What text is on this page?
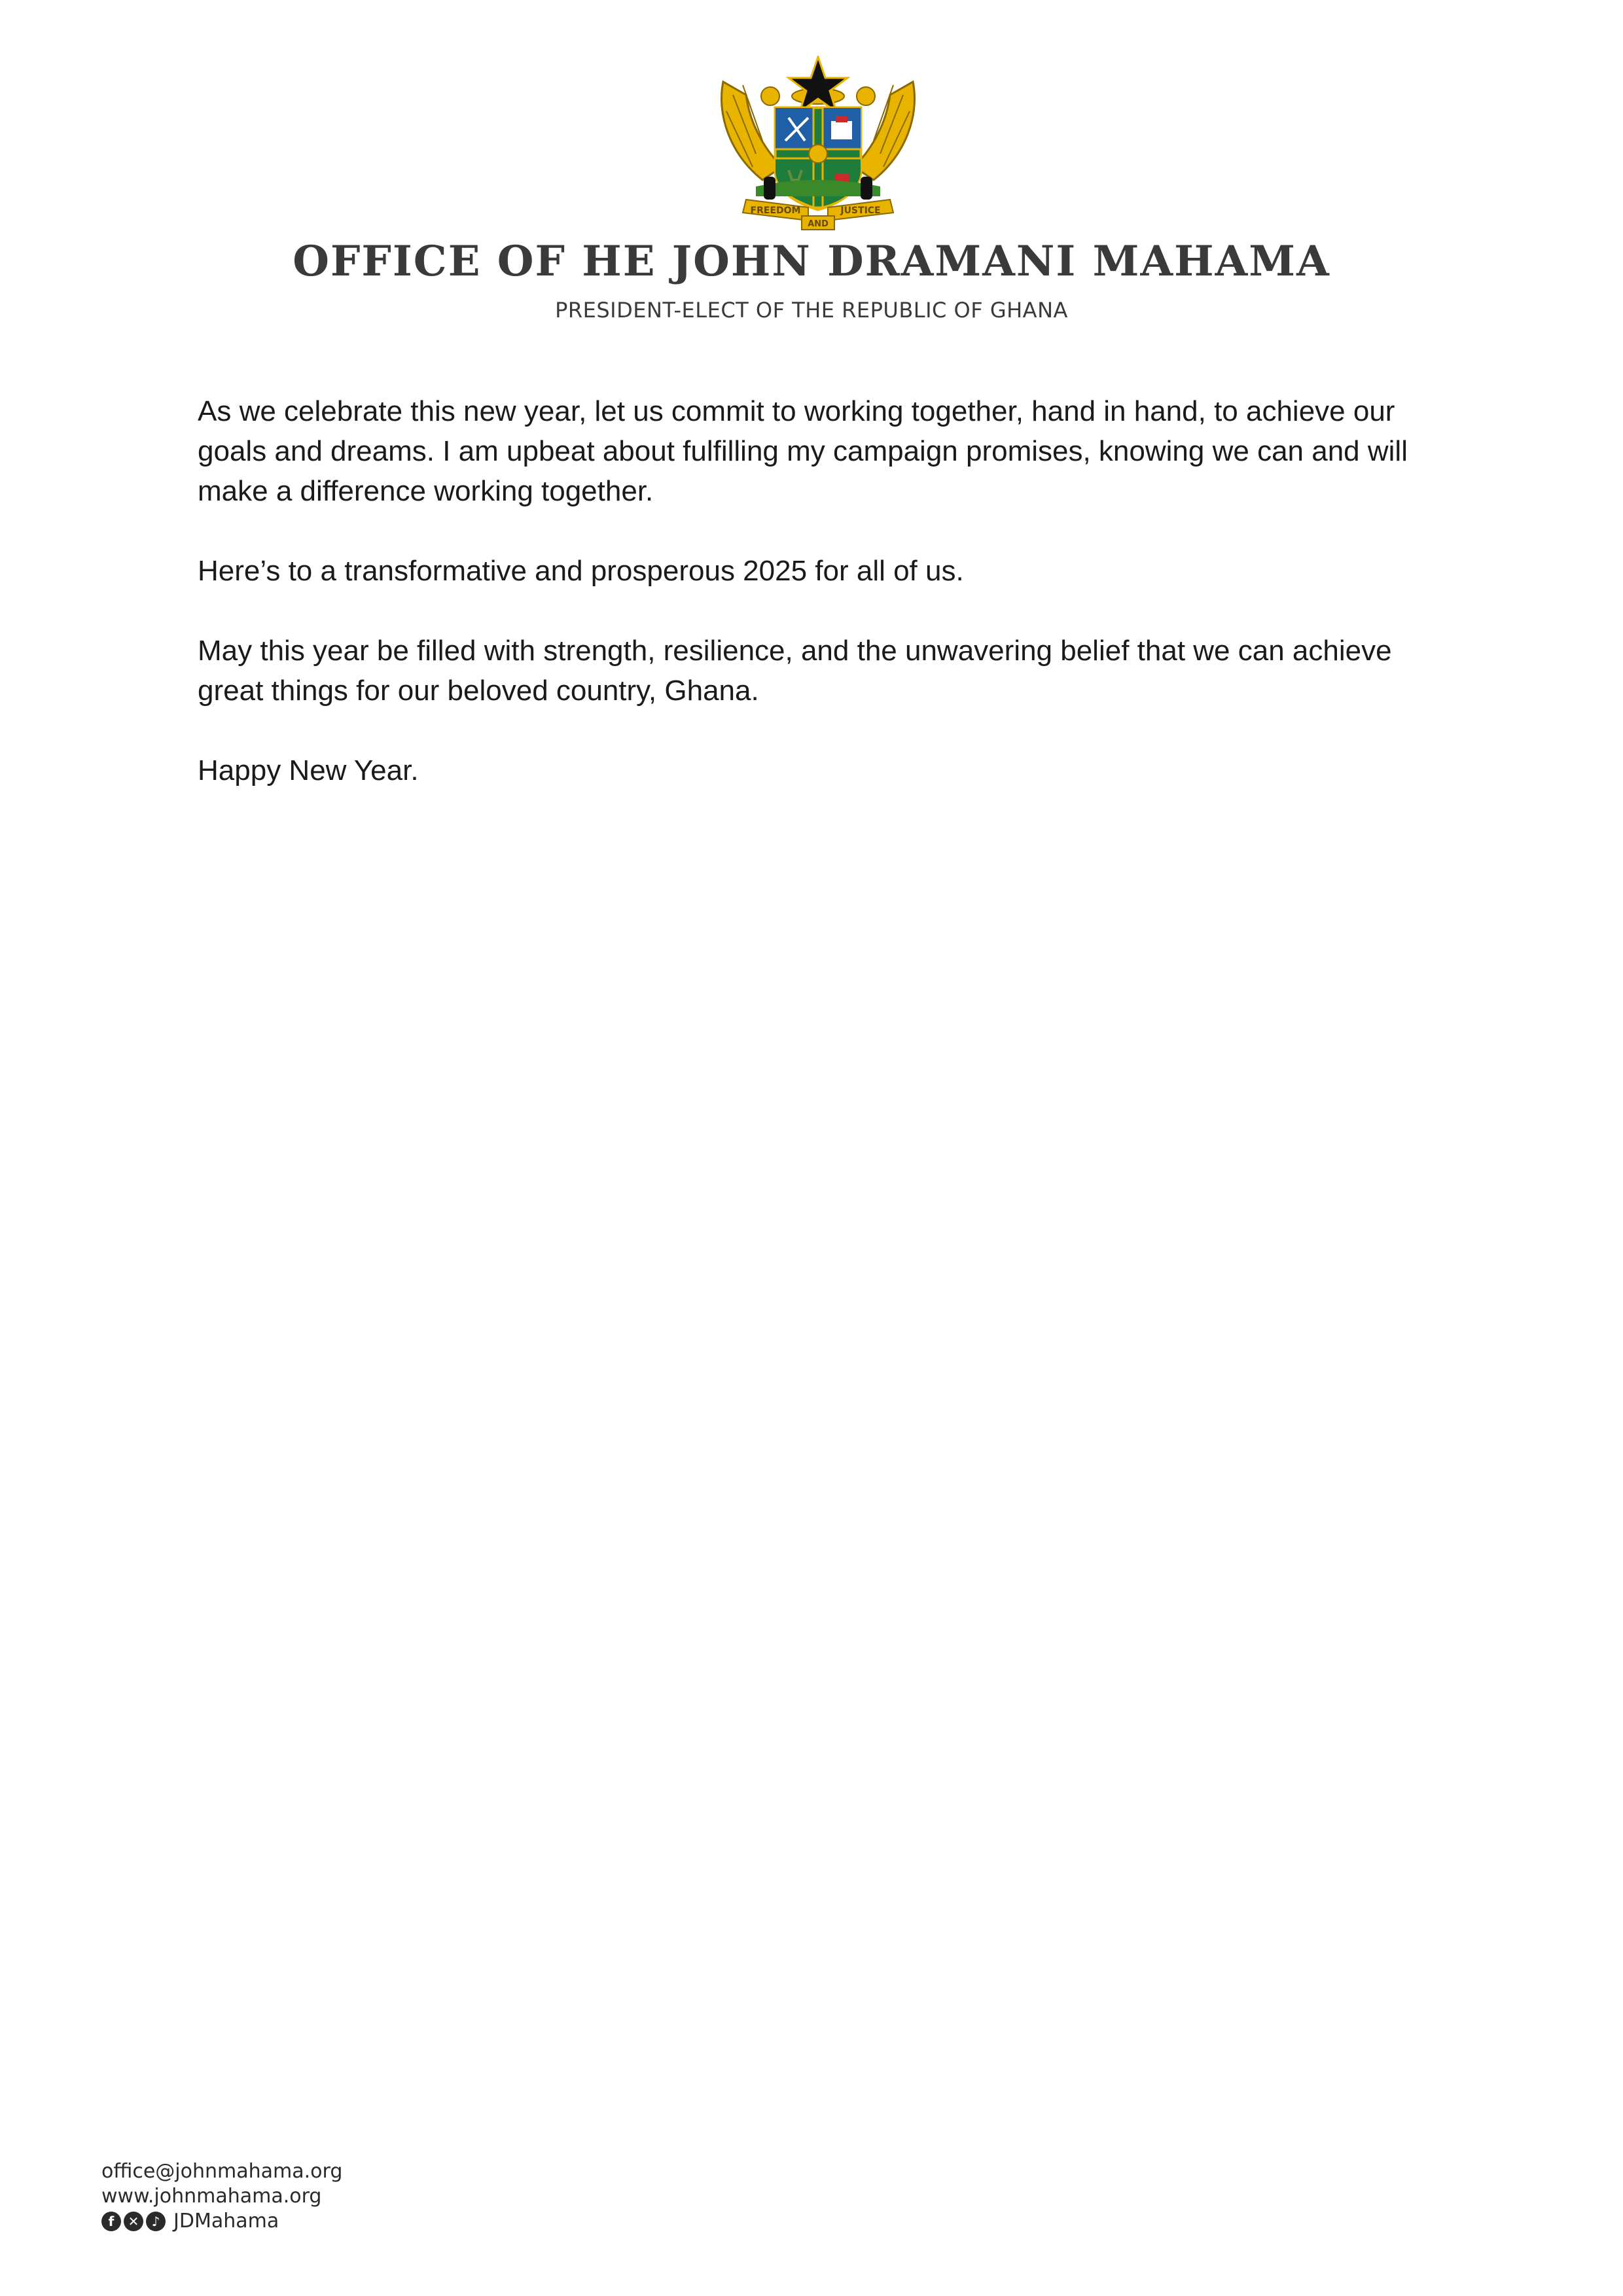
FREEDOM	JUSTICE
AND
OFFICE OF HE JOHN DRAMANI MAHAMA
PRESIDENT-ELECT OF THE REPUBLIC OF GHANA

As we celebrate this new year, let us commit to working together, hand in hand, to achieve our goals and dreams. I am upbeat about fulfilling my campaign promises, knowing we can and will make a difference working together.

Here’s to a transformative and prosperous 2025 for all of us.

May this year be filled with strength, resilience, and the unwavering belief that we can achieve great things for our beloved country, Ghana.

Happy New Year.

office@johnmahama.org
www.johnmahama.org
f	✕ ♪ JDMahama
